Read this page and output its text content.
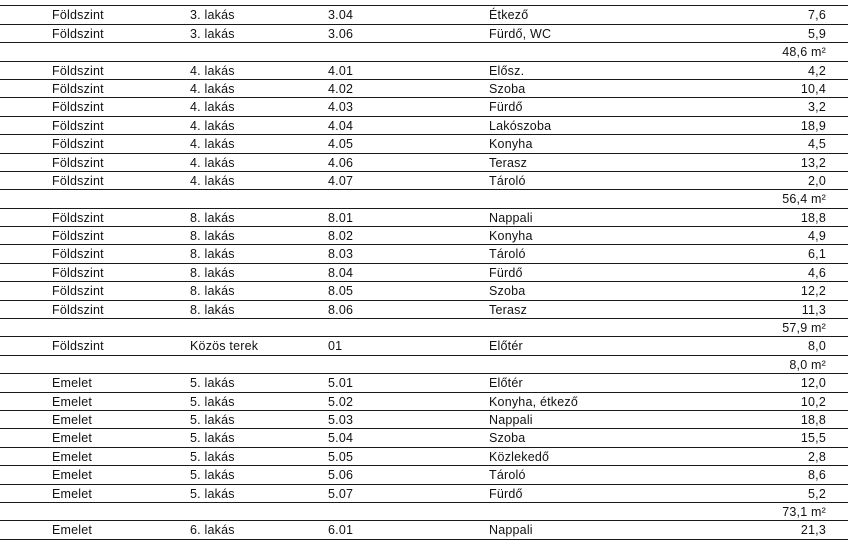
Földszint	3. lakás	3.04	Étkező	7,6
Földszint	3. lakás	3.06	Fürdő, WC	5,9
48,6 m²
Földszint	4. lakás	4.01	Elősz.	4,2
Földszint	4. lakás	4.02	Szoba	10,4
Földszint	4. lakás	4.03	Fürdő	3,2
Földszint	4. lakás	4.04	Lakószoba	18,9
Földszint	4. lakás	4.05	Konyha	4,5
Földszint	4. lakás	4.06	Terasz	13,2
Földszint	4. lakás	4.07	Tároló	2,0
56,4 m²
Földszint	8. lakás	8.01	Nappali	18,8
Földszint	8. lakás	8.02	Konyha	4,9
Földszint	8. lakás	8.03	Tároló	6,1
Földszint	8. lakás	8.04	Fürdő	4,6
Földszint	8. lakás	8.05	Szoba	12,2
Földszint	8. lakás	8.06	Terasz	11,3
57,9 m²
Földszint	Közös terek	01	Előtér	8,0
8,0 m²
Emelet	5. lakás	5.01	Előtér	12,0
Emelet	5. lakás	5.02	Konyha, étkező	10,2
Emelet	5. lakás	5.03	Nappali	18,8
Emelet	5. lakás	5.04	Szoba	15,5
Emelet	5. lakás	5.05	Közlekedő	2,8
Emelet	5. lakás	5.06	Tároló	8,6
Emelet	5. lakás	5.07	Fürdő	5,2
73,1 m²
Emelet	6. lakás	6.01	Nappali	21,3
